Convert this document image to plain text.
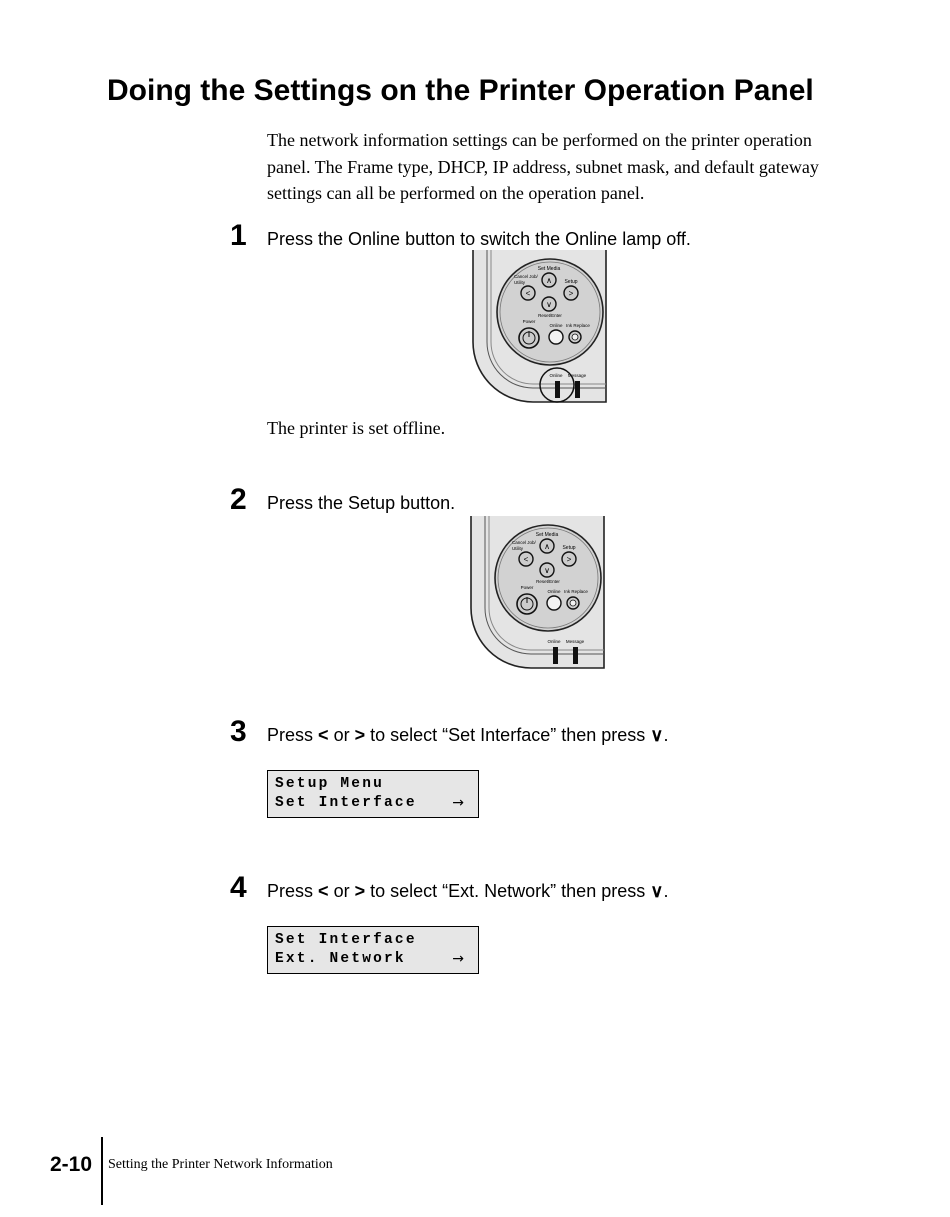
Doing the Settings on the Printer Operation Panel
The network information settings can be performed on the printer operation panel. The Frame type, DHCP, IP address, subnet mask, and default gateway settings can all be performed on the operation panel.
1 Press the Online button to switch the Online lamp off.
Set Media
∧
Cancel Job/
Utility
<
Setup
>
∨
Reset/Enter
Power
Online Ink Replace
Online Message
The printer is set offline.
2 Press the Setup button.
Set Media
∧
Cancel Job/
Utility
<
Setup
>
∨
Reset/Enter
Power
Online Ink Replace
Online Message
3 Press < or > to select “Set Interface” then press ∨.
Setup Menu
Set Interface	→
4 Press < or > to select “Ext. Network” then press ∨.
Set Interface
Ext. Network	→
2-10 Setting the Printer Network Information
